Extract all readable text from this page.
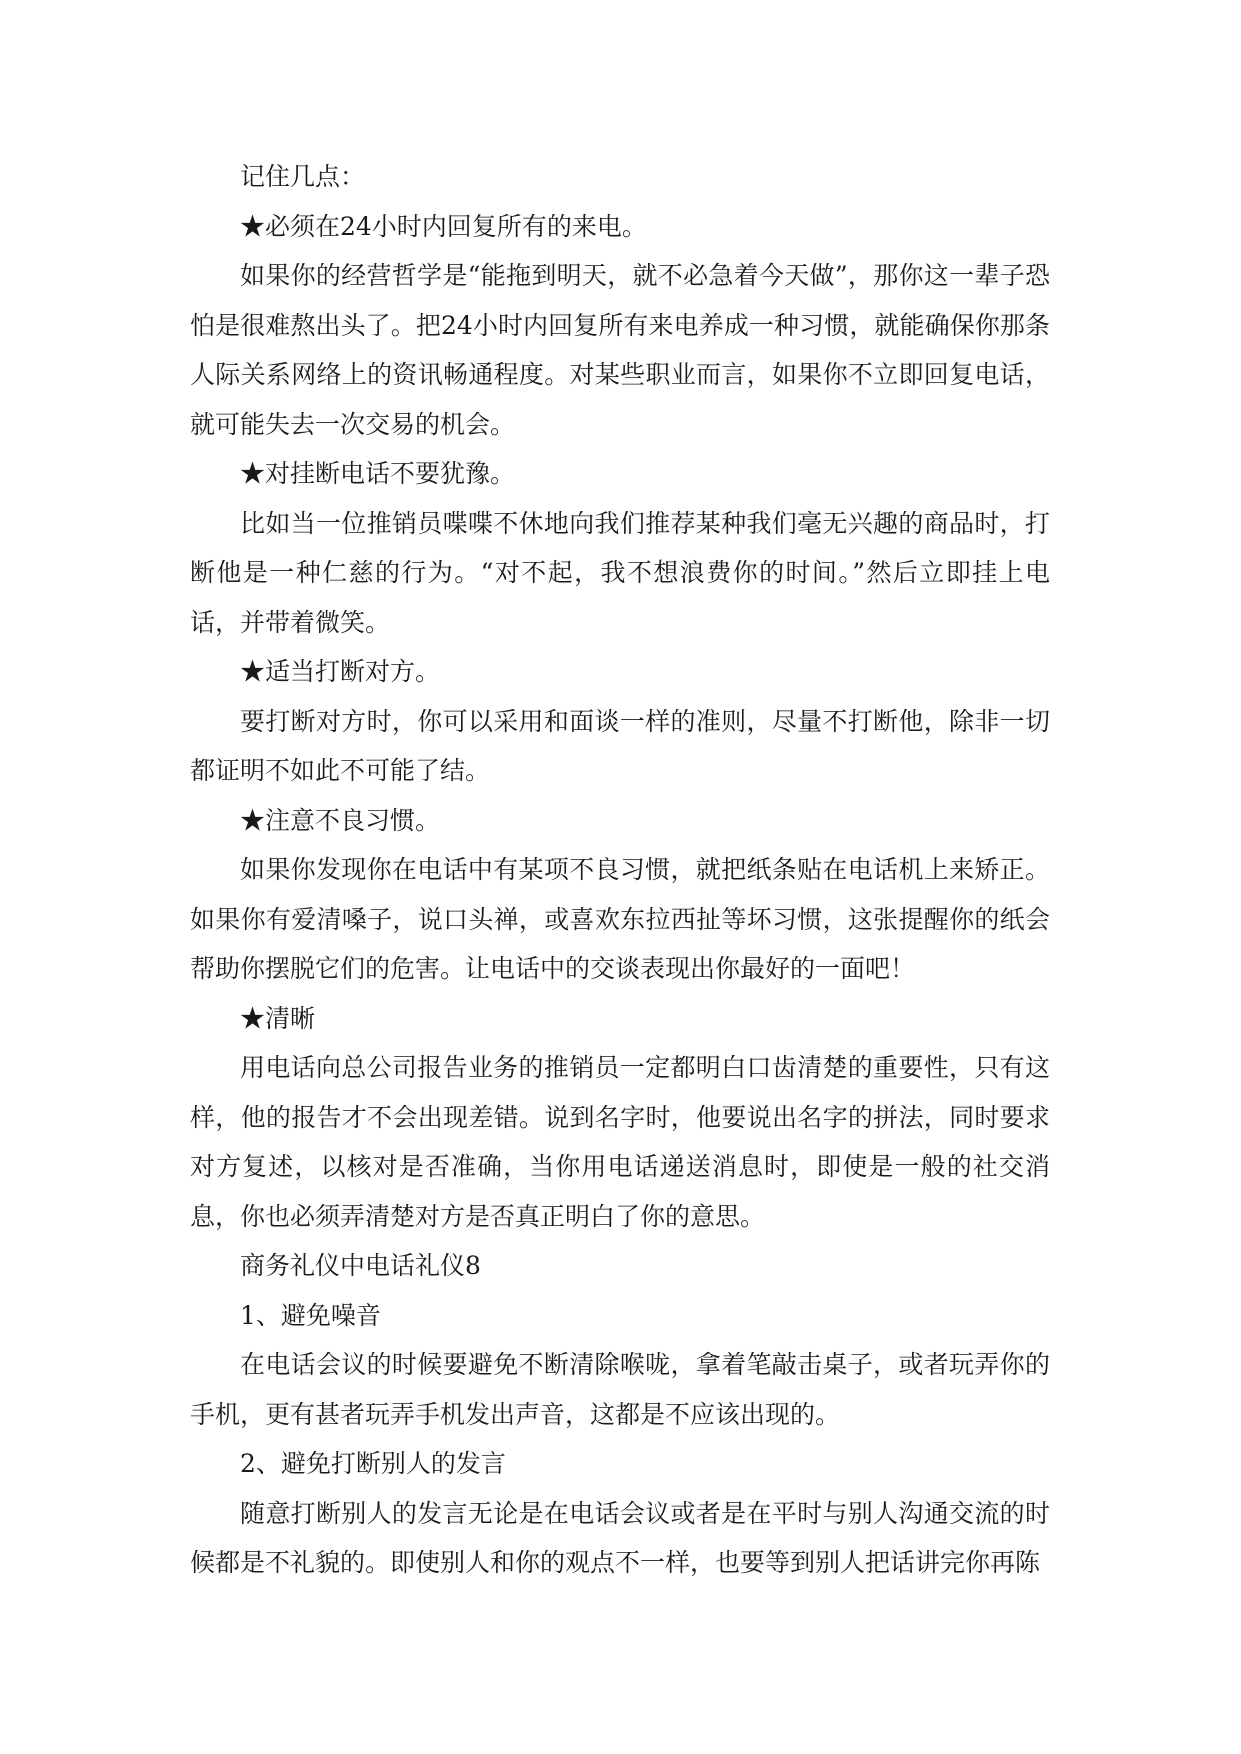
记住几点：

★必须在24小时内回复所有的来电。

如果你的经营哲学是“能拖到明天，就不必急着今天做”，那你这一辈子恐怕是很难熬出头了。把24小时内回复所有来电养成一种习惯，就能确保你那条人际关系网络上的资讯畅通程度。对某些职业而言，如果你不立即回复电话，就可能失去一次交易的机会。

★对挂断电话不要犹豫。

比如当一位推销员喋喋不休地向我们推荐某种我们毫无兴趣的商品时，打断他是一种仁慈的行为。“对不起，我不想浪费你的时间。”然后立即挂上电话，并带着微笑。

★适当打断对方。

要打断对方时，你可以采用和面谈一样的准则，尽量不打断他，除非一切都证明不如此不可能了结。

★注意不良习惯。

如果你发现你在电话中有某项不良习惯，就把纸条贴在电话机上来矫正。如果你有爱清嗓子，说口头禅，或喜欢东拉西扯等坏习惯，这张提醒你的纸会帮助你摆脱它们的危害。让电话中的交谈表现出你最好的一面吧！

★清晰

用电话向总公司报告业务的推销员一定都明白口齿清楚的重要性，只有这样，他的报告才不会出现差错。说到名字时，他要说出名字的拼法，同时要求对方复述，以核对是否准确，当你用电话递送消息时，即使是一般的社交消息，你也必须弄清楚对方是否真正明白了你的意思。

商务礼仪中电话礼仪8

1、避免噪音

在电话会议的时候要避免不断清除喉咙，拿着笔敲击桌子，或者玩弄你的手机，更有甚者玩弄手机发出声音，这都是不应该出现的。

2、避免打断别人的发言

随意打断别人的发言无论是在电话会议或者是在平时与别人沟通交流的时候都是不礼貌的。即使别人和你的观点不一样，也要等到别人把话讲完你再陈
